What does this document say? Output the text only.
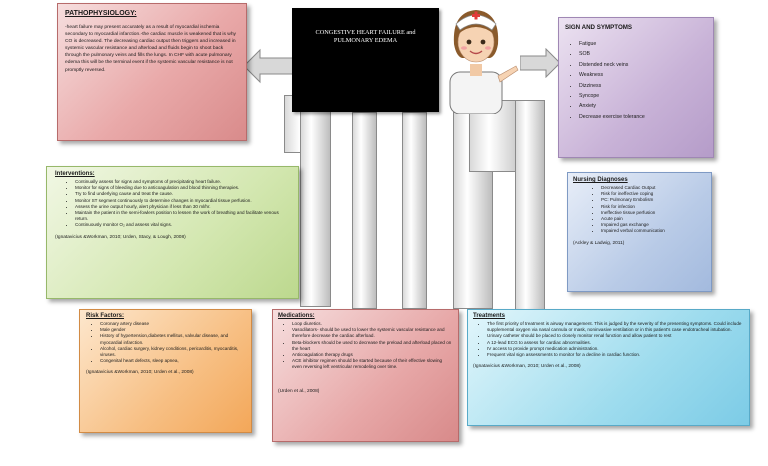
PATHOPHYSIOLOGY:
-heart failure may present accurately as a result of myocardial ischemia secondary to myocardial infarction.-the cardiac muscle is weakened that is why CO is decreased. The decreasing cardiac output then triggers and increased in systemic vascular resistance and afterload and fluids begin to shoot back through the pulmonary veins and fills the lungs. In CHF with acute pulmonary edema this will be the terminal event if the systemic vascular resistance is not promptly reversed.
CONGESTIVE HEART FAILURE and
PULMONARY EDEMA
SIGN AND SYMPTOMS
• Fatigue
• SOB
• Distended neck veins
• Weakness
• Dizziness
• Syncope
• Anxiety
• Decrease exercise tolerance
Interventions:
• Continually assess for signs and symptoms of precipitating heart failure.
• Monitor for signs of bleeding due to anticoagulation and blood thinning therapies.
• Try to find underlying cause and treat the cause.
• Monitor ST segment continuously to determine changes in myocardial tissue perfusion.
• Assess the urine output hourly, alert physician if less than 30 ml/hr.
• Maintain the patient in the semi-fowlers position to lessen the work of breathing and facilitate venous return.
• Continuously monitor O₂ and assess vital signs.
(Ignatavicius &Workman, 2010; Urden, Stacy, & Lough, 2008)
Nursing Diagnoses
• Decreased Cardiac Output
• Risk for ineffective coping
• PC: Pulmonary Embolism
• Risk for infection
• Ineffective tissue perfusion
• Acute pain
• Impaired gas exchange
• Impaired verbal communication
(Ackley & Ladwig, 2011)
Risk Factors:
• Coronary artery disease
• Male gender
• History of hypertension,diabetes mellitus, valvular disease, and myocardial infarction.
• Alcohol, cardiac surgery, kidney conditions, pericarditis, myocarditis, viruses.
• Congenital heart defects, sleep apnea,
(Ignatavicius &Workman, 2010; Urden et al., 2008)
Medications:
• Loop diuretics.
• Vasodilators- should be used to lower the systemic vascular resistance and therefore decrease the cardiac afterload.
• Beta-blockers should be used to decrease the preload and afterload placed on the heart
• Anticoagulation therapy drugs
• ACE inhibitor regimen should be started because of their effective slowing even reversing left ventricular remodeling over time.
(Urden et al., 2008)
Treatments
• The first priority of treatment is airway management. This is judged by the severity of the presenting symptoms. Could include supplemental oxygen via nasal cannula or mask, noninvasive ventilation or in this patient's case endotracheal intubation.
• Urinary catheter should be placed to closely monitor renal function and allow patient to rest
• A 12-lead ECG to assess for cardiac abnormalities.
• IV access to provide prompt medication administration.
• Frequent vital sign assessments to monitor for a decline in cardiac function.
(Ignatavicius &Workman, 2010; Urden et al., 2008)
